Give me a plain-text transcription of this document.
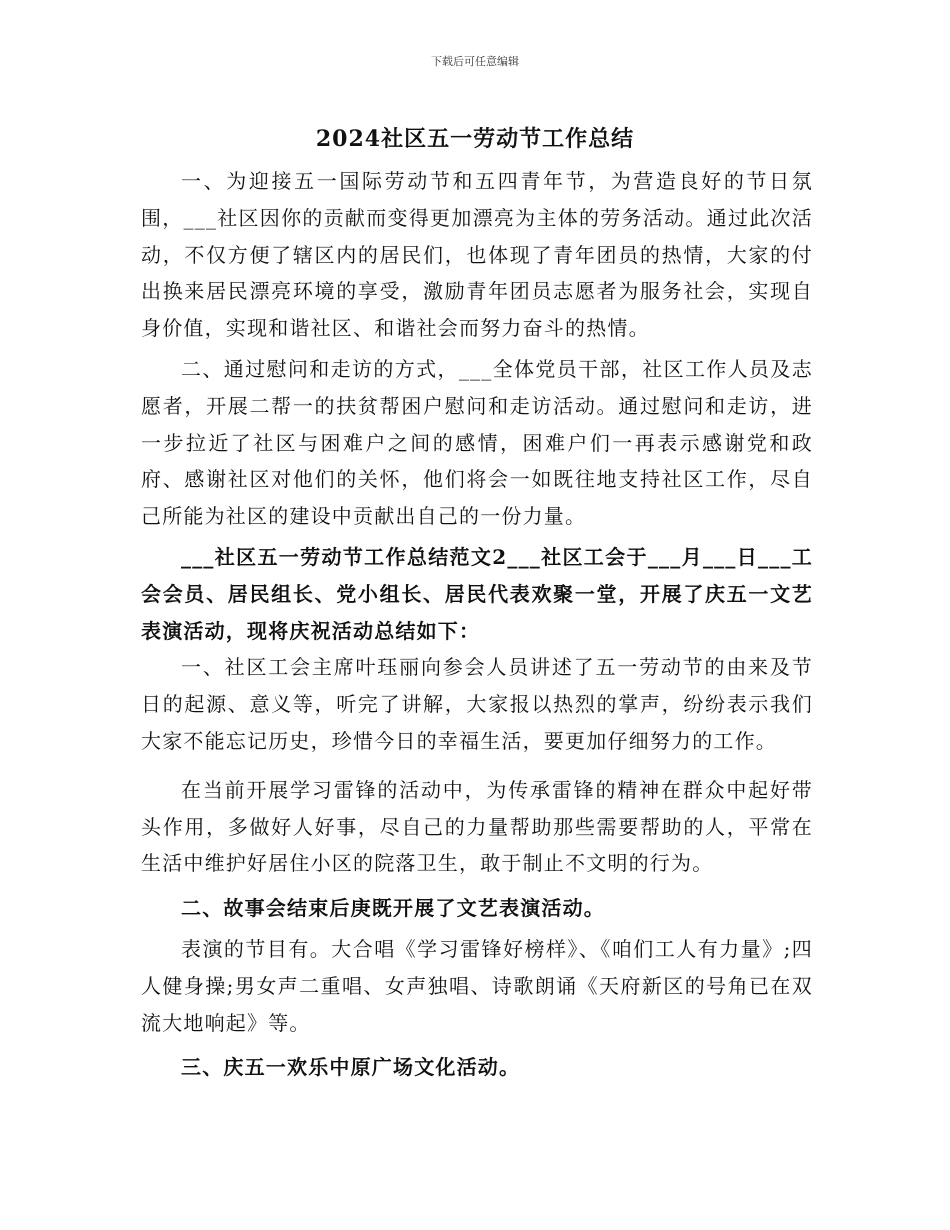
下载后可任意编辑
2024社区五一劳动节工作总结

一、为迎接五一国际劳动节和五四青年节，为营造良好的节日氛围，___社区因你的贡献而变得更加漂亮为主体的劳务活动。通过此次活动，不仅方便了辖区内的居民们，也体现了青年团员的热情，大家的付出换来居民漂亮环境的享受，激励青年团员志愿者为服务社会，实现自身价值，实现和谐社区、和谐社会而努力奋斗的热情。

二、通过慰问和走访的方式，___全体党员干部，社区工作人员及志愿者，开展二帮一的扶贫帮困户慰问和走访活动。通过慰问和走访，进一步拉近了社区与困难户之间的感情，困难户们一再表示感谢党和政府、感谢社区对他们的关怀，他们将会一如既往地支持社区工作，尽自己所能为社区的建设中贡献出自己的一份力量。

___社区五一劳动节工作总结范文2___社区工会于___月___日___工会会员、居民组长、党小组长、居民代表欢聚一堂，开展了庆五一文艺表演活动，现将庆祝活动总结如下：

一、社区工会主席叶珏丽向参会人员讲述了五一劳动节的由来及节日的起源、意义等，听完了讲解，大家报以热烈的掌声，纷纷表示我们大家不能忘记历史，珍惜今日的幸福生活，要更加仔细努力的工作。

在当前开展学习雷锋的活动中，为传承雷锋的精神在群众中起好带头作用，多做好人好事，尽自己的力量帮助那些需要帮助的人，平常在生活中维护好居住小区的院落卫生，敢于制止不文明的行为。

二、故事会结束后庚既开展了文艺表演活动。

表演的节目有。大合唱《学习雷锋好榜样》、《咱们工人有力量》;四人健身操;男女声二重唱、女声独唱、诗歌朗诵《天府新区的号角已在双流大地响起》等。

三、庆五一欢乐中原广场文化活动。
